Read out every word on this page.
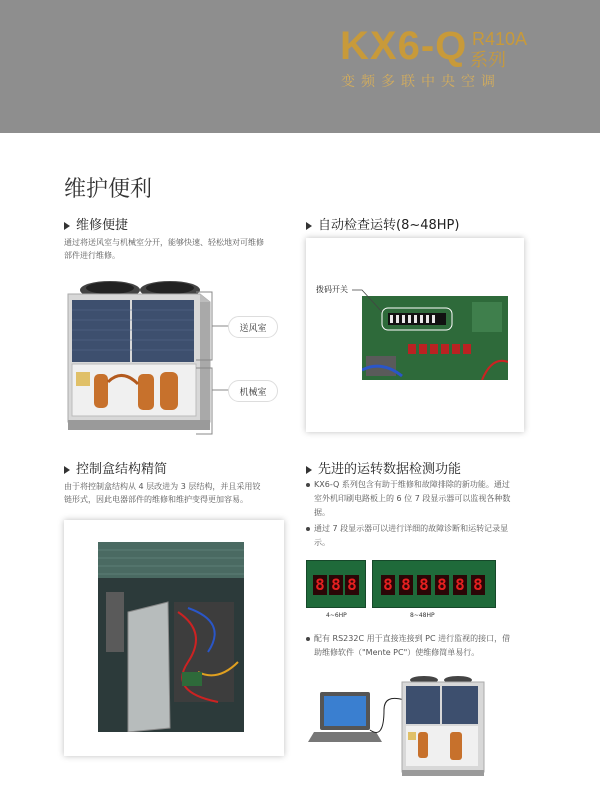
KX6-Q R410A
系列
变频多联中央空调
维护便利
维修便捷
通过将送风室与机械室分开，能够快速、轻松地对可维修
部件进行维修。
送风室
机械室
自动检查运转(8~48HP)
拨码开关
控制盒结构精简
由于将控制盒结构从 4 层改进为 3 层结构，并且采用铰
链形式，因此电器部件的维修和维护变得更加容易。
先进的运转数据检测功能
KX6-Q 系列包含有助于维修和故障排除的新功能。通过
室外机印刷电路板上的 6 位 7 段显示器可以监视各种数
据。
通过 7 段显示器可以进行详细的故障诊断和运转记录显
示。
8 8 8 8 8 8 8 8 8
4~6HP	8~48HP
配有 RS232C 用于直接连接到 PC 进行监视的接口，借
助维修软件（"Mente PC"）使维修简单易行。
